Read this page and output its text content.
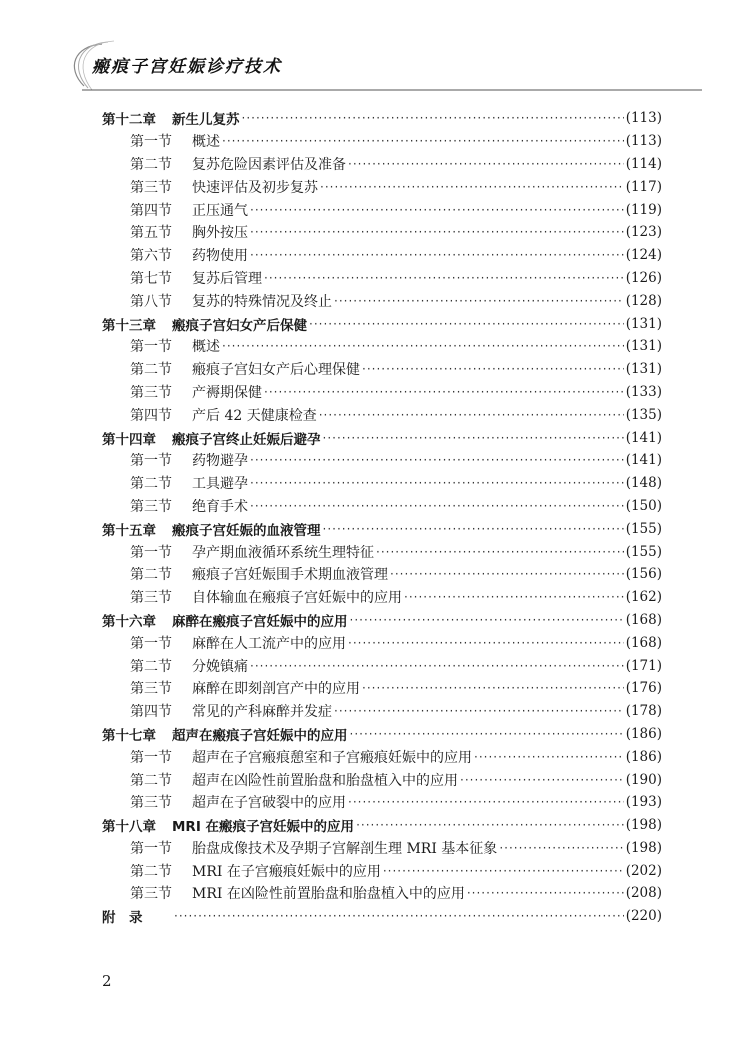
瘢痕子宫妊娠诊疗技术
第十二章	新生儿复苏 ·····	(113)
第一节	概述 ·····	(113)
第二节	复苏危险因素评估及准备 ·····	(114)
第三节	快速评估及初步复苏 ·····	(117)
第四节	正压通气 ·····	(119)
第五节	胸外按压 ·····	(123)
第六节	药物使用 ·····	(124)
第七节	复苏后管理 ·····	(126)
第八节	复苏的特殊情况及终止 ·····	(128)
第十三章	瘢痕子宫妇女产后保健 ·····	(131)
第一节	概述 ·····	(131)
第二节	瘢痕子宫妇女产后心理保健 ·····	(131)
第三节	产褥期保健 ·····	(133)
第四节	产后 42 天健康检查 ·····	(135)
第十四章	瘢痕子宫终止妊娠后避孕 ·····	(141)
第一节	药物避孕 ·····	(141)
第二节	工具避孕 ·····	(148)
第三节	绝育手术 ·····	(150)
第十五章	瘢痕子宫妊娠的血液管理 ·····	(155)
第一节	孕产期血液循环系统生理特征 ·····	(155)
第二节	瘢痕子宫妊娠围手术期血液管理 ·····	(156)
第三节	自体输血在瘢痕子宫妊娠中的应用 ·····	(162)
第十六章	麻醉在瘢痕子宫妊娠中的应用 ·····	(168)
第一节	麻醉在人工流产中的应用 ·····	(168)
第二节	分娩镇痛 ·····	(171)
第三节	麻醉在即刻剖宫产中的应用 ·····	(176)
第四节	常见的产科麻醉并发症 ·····	(178)
第十七章	超声在瘢痕子宫妊娠中的应用 ·····	(186)
第一节	超声在子宫瘢痕憩室和子宫瘢痕妊娠中的应用 ·····	(186)
第二节	超声在凶险性前置胎盘和胎盘植入中的应用 ·····	(190)
第三节	超声在子宫破裂中的应用 ·····	(193)
第十八章	MRI 在瘢痕子宫妊娠中的应用 ·····	(198)
第一节	胎盘成像技术及孕期子宫解剖生理 MRI 基本征象 ·····	(198)
第二节	MRI 在子宫瘢痕妊娠中的应用 ·····	(202)
第三节	MRI 在凶险性前置胎盘和胎盘植入中的应用 ·····	(208)
附　录 ·····	(220)
2
